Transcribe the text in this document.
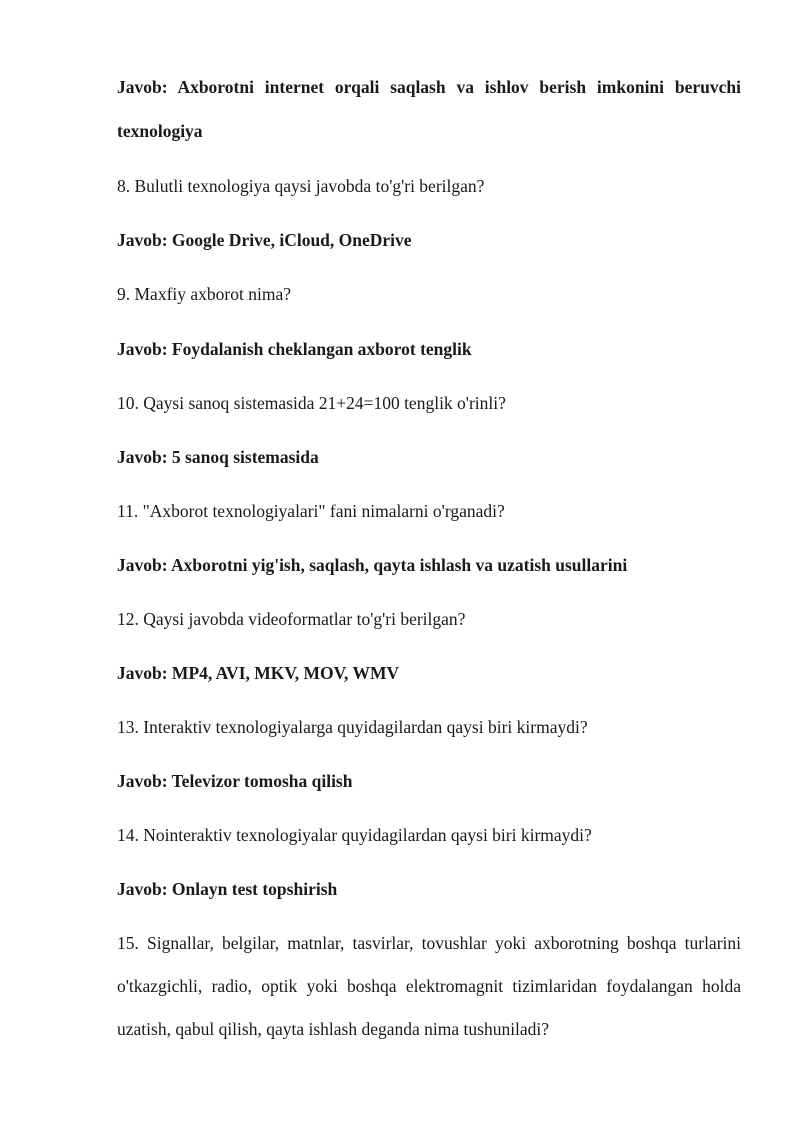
Javob: Axborotni internet orqali saqlash va ishlov berish imkonini beruvchi
texnologiya
8. Bulutli texnologiya qaysi javobda to'g'ri berilgan?
Javob: Google Drive, iCloud, OneDrive
9. Maxfiy axborot nima?
Javob: Foydalanish cheklangan axborot tenglik
10. Qaysi sanoq sistemasida 21+24=100 tenglik o'rinli?
Javob: 5 sanoq sistemasida
11. "Axborot texnologiyalari" fani nimalarni o'rganadi?
Javob: Axborotni yig'ish, saqlash, qayta ishlash va uzatish usullarini
12. Qaysi javobda videoformatlar to'g'ri berilgan?
Javob: MP4, AVI, MKV, MOV, WMV
13. Interaktiv texnologiyalarga quyidagilardan qaysi biri kirmaydi?
Javob: Televizor tomosha qilish
14. Nointeraktiv texnologiyalar quyidagilardan qaysi biri kirmaydi?
Javob: Onlayn test topshirish
15. Signallar, belgilar, matnlar, tasvirlar, tovushlar yoki axborotning boshqa turlarini
o'tkazgichli, radio, optik yoki boshqa elektromagnit tizimlaridan foydalangan holda
uzatish, qabul qilish, qayta ishlash deganda nima tushuniladi?
